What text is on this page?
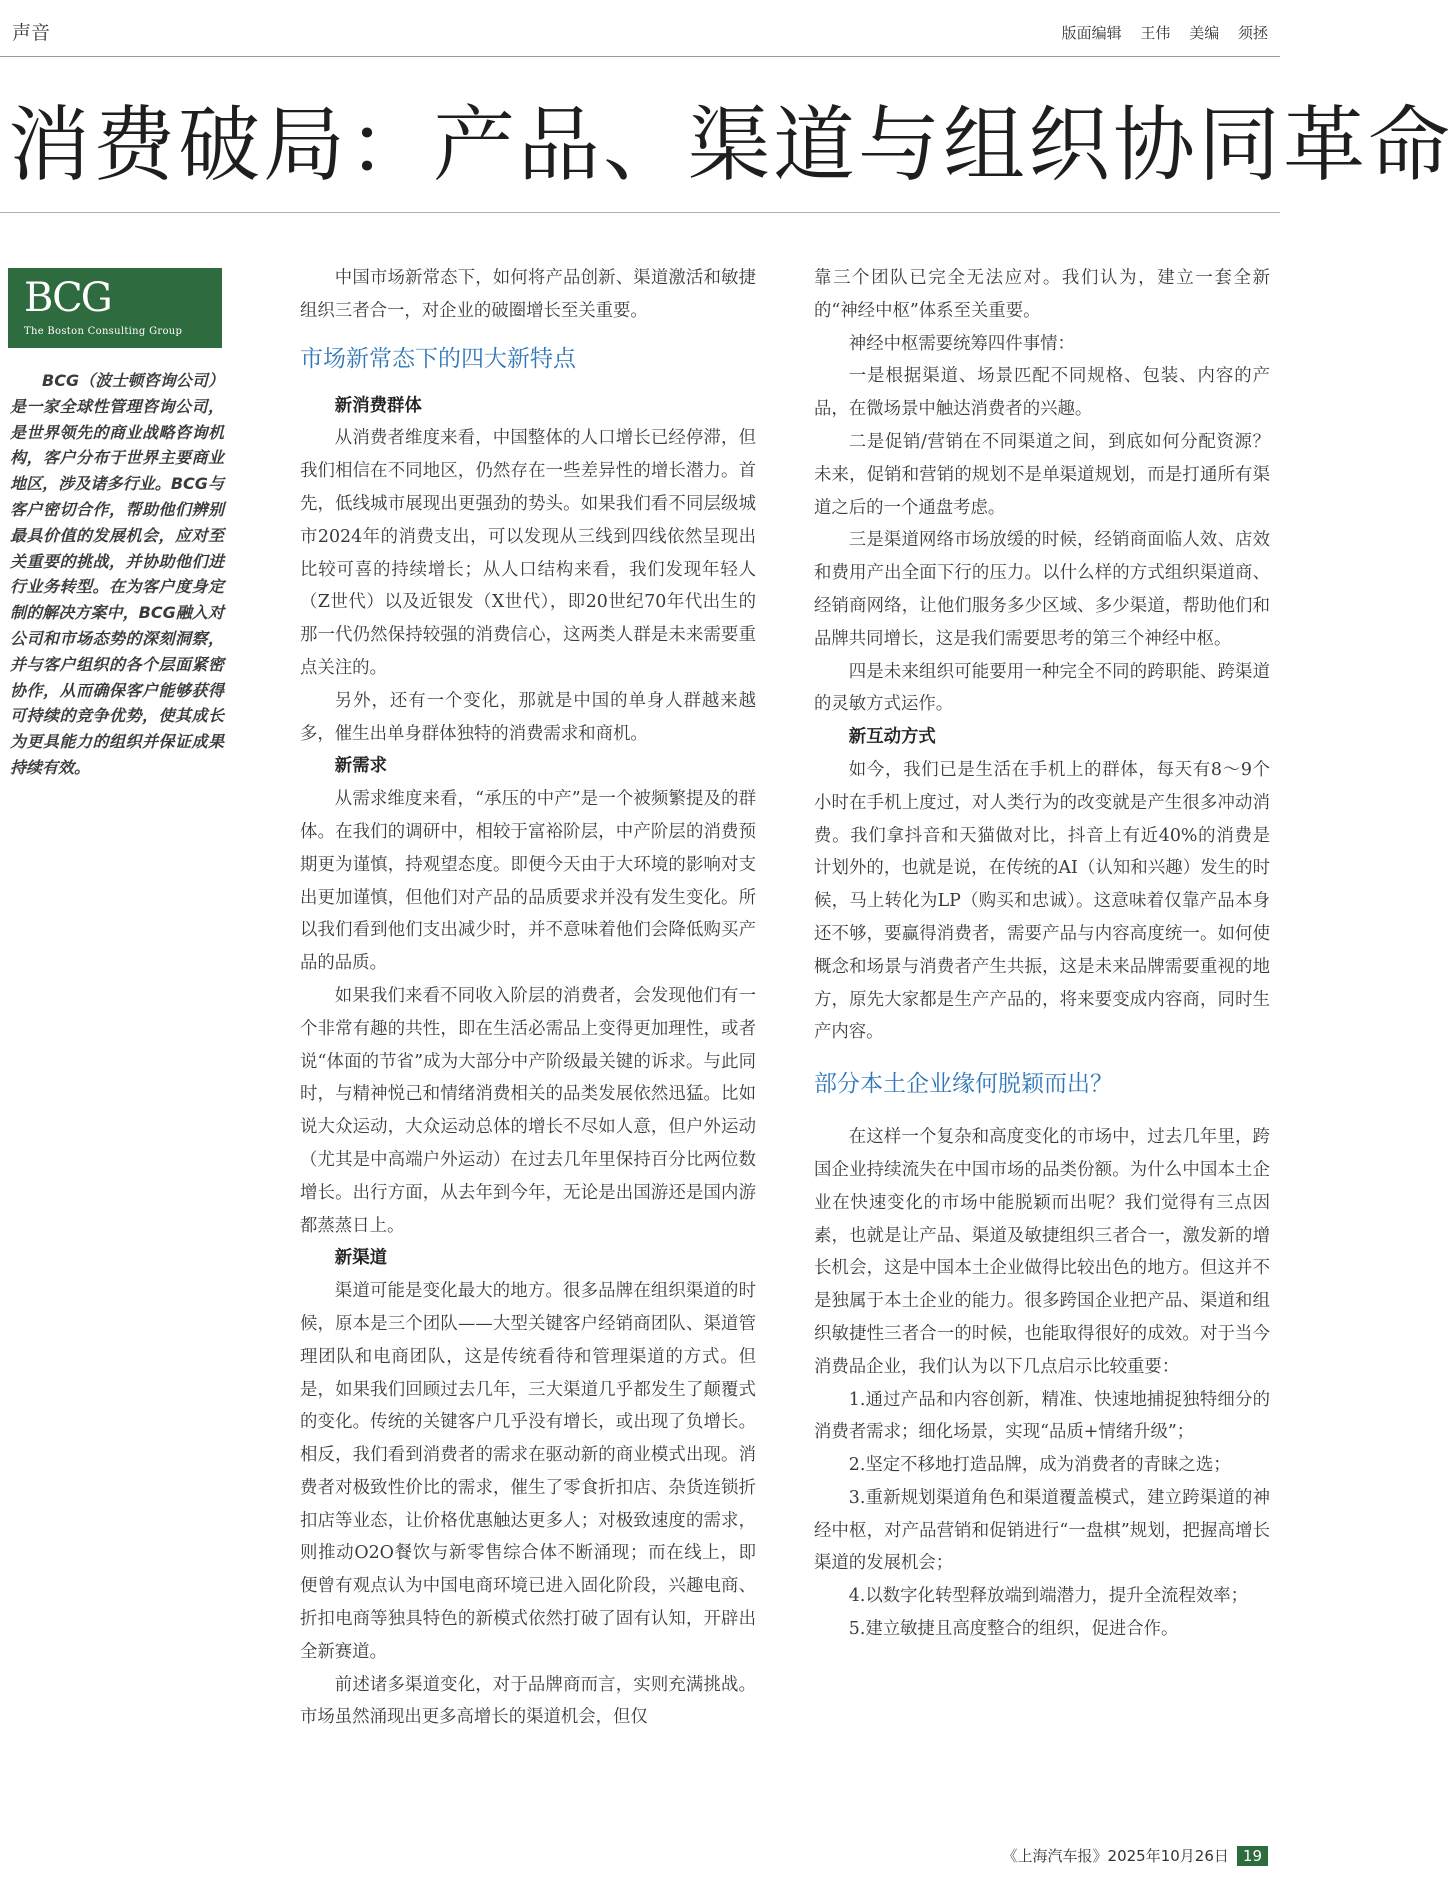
声音	版面编辑 王伟 美编 须拯
消费破局：产品、渠道与组织协同革命
BCG
The Boston Consulting Group

BCG（波士顿咨询公司）是一家全球性管理咨询公司，是世界领先的商业战略咨询机构，客户分布于世界主要商业地区，涉及诸多行业。BCG与客户密切合作，帮助他们辨别最具价值的发展机会，应对至关重要的挑战，并协助他们进行业务转型。在为客户度身定制的解决方案中，BCG融入对公司和市场态势的深刻洞察，并与客户组织的各个层面紧密协作，从而确保客户能够获得可持续的竞争优势，使其成长为更具能力的组织并保证成果持续有效。

中国市场新常态下，如何将产品创新、渠道激活和敏捷组织三者合一，对企业的破圈增长至关重要。

市场新常态下的四大新特点
新消费群体

从消费者维度来看，中国整体的人口增长已经停滞，但我们相信在不同地区，仍然存在一些差异性的增长潜力。首先，低线城市展现出更强劲的势头。如果我们看不同层级城市2024年的消费支出，可以发现从三线到四线依然呈现出比较可喜的持续增长；从人口结构来看，我们发现年轻人（Z世代）以及近银发（X世代），即20世纪70年代出生的那一代仍然保持较强的消费信心，这两类人群是未来需要重点关注的。

另外，还有一个变化，那就是中国的单身人群越来越多，催生出单身群体独特的消费需求和商机。

新需求

从需求维度来看，“承压的中产”是一个被频繁提及的群体。在我们的调研中，相较于富裕阶层，中产阶层的消费预期更为谨慎，持观望态度。即便今天由于大环境的影响对支出更加谨慎，但他们对产品的品质要求并没有发生变化。所以我们看到他们支出减少时，并不意味着他们会降低购买产品的品质。

如果我们来看不同收入阶层的消费者，会发现他们有一个非常有趣的共性，即在生活必需品上变得更加理性，或者说“体面的节省”成为大部分中产阶级最关键的诉求。与此同时，与精神悦己和情绪消费相关的品类发展依然迅猛。比如说大众运动，大众运动总体的增长不尽如人意，但户外运动（尤其是中高端户外运动）在过去几年里保持百分比两位数增长。出行方面，从去年到今年，无论是出国游还是国内游都蒸蒸日上。

新渠道

渠道可能是变化最大的地方。很多品牌在组织渠道的时候，原本是三个团队——大型关键客户经销商团队、渠道管理团队和电商团队，这是传统看待和管理渠道的方式。但是，如果我们回顾过去几年，三大渠道几乎都发生了颠覆式的变化。传统的关键客户几乎没有增长，或出现了负增长。相反，我们看到消费者的需求在驱动新的商业模式出现。消费者对极致性价比的需求，催生了零食折扣店、杂货连锁折扣店等业态，让价格优惠触达更多人；对极致速度的需求，则推动O2O餐饮与新零售综合体不断涌现；而在线上，即便曾有观点认为中国电商环境已进入固化阶段，兴趣电商、折扣电商等独具特色的新模式依然打破了固有认知，开辟出全新赛道。

前述诸多渠道变化，对于品牌商而言，实则充满挑战。市场虽然涌现出更多高增长的渠道机会，但仅

靠三个团队已完全无法应对。我们认为，建立一套全新的“神经中枢”体系至关重要。

神经中枢需要统筹四件事情：

一是根据渠道、场景匹配不同规格、包装、内容的产品，在微场景中触达消费者的兴趣。

二是促销/营销在不同渠道之间，到底如何分配资源？未来，促销和营销的规划不是单渠道规划，而是打通所有渠道之后的一个通盘考虑。

三是渠道网络市场放缓的时候，经销商面临人效、店效和费用产出全面下行的压力。以什么样的方式组织渠道商、经销商网络，让他们服务多少区域、多少渠道，帮助他们和品牌共同增长，这是我们需要思考的第三个神经中枢。

四是未来组织可能要用一种完全不同的跨职能、跨渠道的灵敏方式运作。

新互动方式

如今，我们已是生活在手机上的群体，每天有8～9个小时在手机上度过，对人类行为的改变就是产生很多冲动消费。我们拿抖音和天猫做对比，抖音上有近40%的消费是计划外的，也就是说，在传统的AI（认知和兴趣）发生的时候，马上转化为LP（购买和忠诚）。这意味着仅靠产品本身还不够，要赢得消费者，需要产品与内容高度统一。如何使概念和场景与消费者产生共振，这是未来品牌需要重视的地方，原先大家都是生产产品的，将来要变成内容商，同时生产内容。

部分本土企业缘何脱颖而出？

在这样一个复杂和高度变化的市场中，过去几年里，跨国企业持续流失在中国市场的品类份额。为什么中国本土企业在快速变化的市场中能脱颖而出呢？我们觉得有三点因素，也就是让产品、渠道及敏捷组织三者合一，激发新的增长机会，这是中国本土企业做得比较出色的地方。但这并不是独属于本土企业的能力。很多跨国企业把产品、渠道和组织敏捷性三者合一的时候，也能取得很好的成效。对于当今消费品企业，我们认为以下几点启示比较重要：

1.通过产品和内容创新，精准、快速地捕捉独特细分的消费者需求；细化场景，实现“品质+情绪升级”；

2.坚定不移地打造品牌，成为消费者的青睐之选；

3.重新规划渠道角色和渠道覆盖模式，建立跨渠道的神经中枢，对产品营销和促销进行“一盘棋”规划，把握高增长渠道的发展机会；

4.以数字化转型释放端到端潜力，提升全流程效率；

5.建立敏捷且高度整合的组织，促进合作。

《上海汽车报》2025年10月26日 19
